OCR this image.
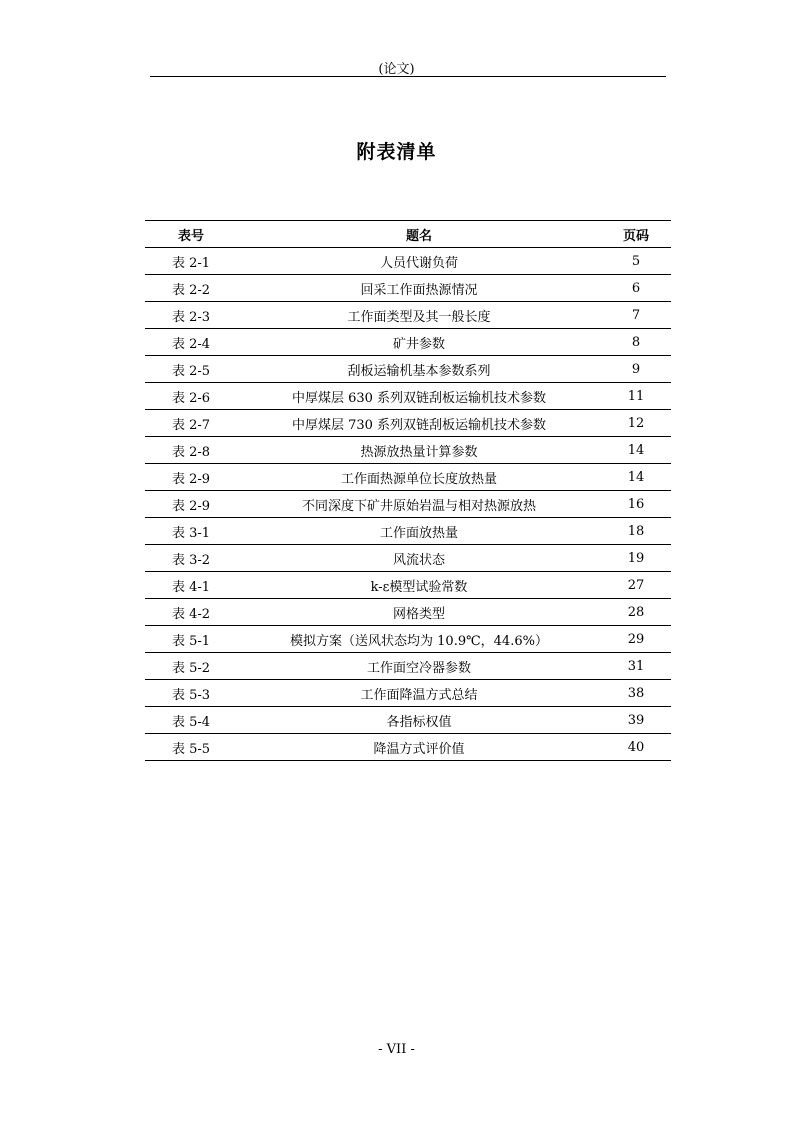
(论文)
附表清单
表号	题名	页码
表 2-1	人员代谢负荷	5
表 2-2	回采工作面热源情况	6
表 2-3	工作面类型及其一般长度	7
表 2-4	矿井参数	8
表 2-5	刮板运输机基本参数系列	9
表 2-6	中厚煤层 630 系列双链刮板运输机技术参数	11
表 2-7	中厚煤层 730 系列双链刮板运输机技术参数	12
表 2-8	热源放热量计算参数	14
表 2-9	工作面热源单位长度放热量	14
表 2-9	不同深度下矿井原始岩温与相对热源放热	16
表 3-1	工作面放热量	18
表 3-2	风流状态	19
表 4-1	k-ε模型试验常数	27
表 4-2	网格类型	28
表 5-1	模拟方案（送风状态均为 10.9℃，44.6%）	29
表 5-2	工作面空冷器参数	31
表 5-3	工作面降温方式总结	38
表 5-4	各指标权值	39
表 5-5	降温方式评价值	40
- VII -
